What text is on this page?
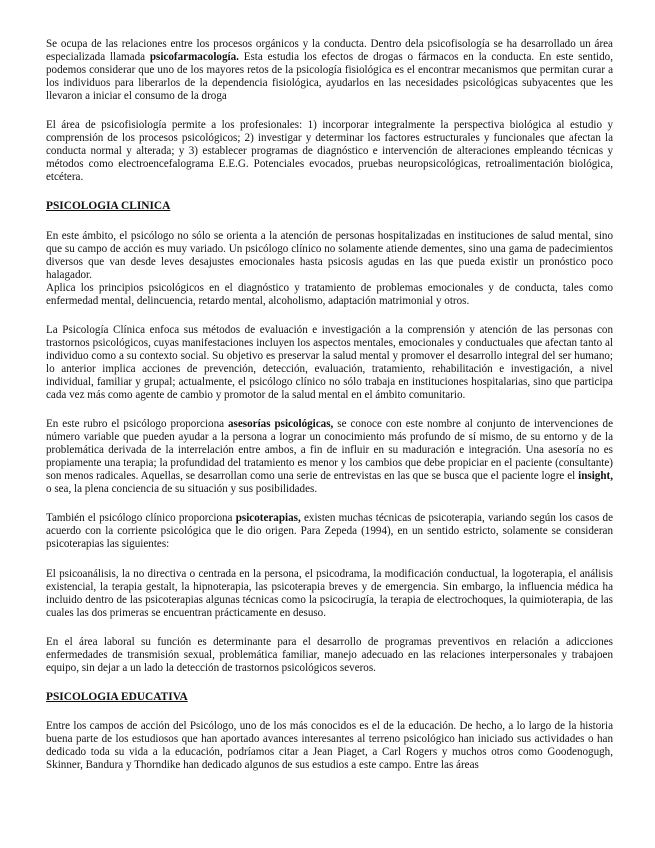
Se ocupa de las relaciones entre los procesos orgánicos y la conducta. Dentro dela psicofisología se ha desarrollado un área especializada llamada psicofarmacología. Esta estudia los efectos de drogas o fármacos en la conducta. En este sentido, podemos considerar que uno de los mayores retos de la psicología fisiológica es el encontrar mecanismos que permitan curar a los individuos para liberarlos de la dependencia fisiológica, ayudarlos en las necesidades psicológicas subyacentes que les llevaron a iniciar el consumo de la droga

El área de psicofisiología permite a los profesionales: 1) incorporar integralmente la perspectiva biológica al estudio y comprensión de los procesos psicológicos; 2) investigar y determinar los factores estructurales y funcionales que afectan la conducta normal y alterada; y 3) establecer programas de diagnóstico e intervención de alteraciones empleando técnicas y métodos como electroencefalograma E.E.G. Potenciales evocados, pruebas neuropsicológicas, retroalimentación biológica, etcétera.

PSICOLOGIA CLINICA

En este ámbito, el psicólogo no sólo se orienta a la atención de personas hospitalizadas en instituciones de salud mental, sino que su campo de acción es muy variado. Un psicólogo clínico no solamente atiende dementes, sino una gama de padecimientos diversos que van desde leves desajustes emocionales hasta psicosis agudas en las que pueda existir un pronóstico poco halagador.

Aplica los principios psicológicos en el diagnóstico y tratamiento de problemas emocionales y de conducta, tales como enfermedad mental, delincuencia, retardo mental, alcoholismo, adaptación matrimonial y otros.

La Psicología Clínica enfoca sus métodos de evaluación e investigación a la comprensión y atención de las personas con trastornos psicológicos, cuyas manifestaciones incluyen los aspectos mentales, emocionales y conductuales que afectan tanto al individuo como a su contexto social. Su objetivo es preservar la salud mental y promover el desarrollo integral del ser humano; lo anterior implica acciones de prevención, detección, evaluación, tratamiento, rehabilitación e investigación, a nivel individual, familiar y grupal; actualmente, el psicólogo clínico no sólo trabaja en instituciones hospitalarias, sino que participa cada vez más como agente de cambio y promotor de la salud mental en el ámbito comunitario.

En este rubro el psicólogo proporciona asesorías psicológicas, se conoce con este nombre al conjunto de intervenciones de número variable que pueden ayudar a la persona a lograr un conocimiento más profundo de sí mismo, de su entorno y de la problemática derivada de la interrelación entre ambos, a fin de influir en su maduración e integración. Una asesoría no es propiamente una terapia; la profundidad del tratamiento es menor y los cambios que debe propiciar en el paciente (consultante) son menos radicales. Aquellas, se desarrollan como una serie de entrevistas en las que se busca que el paciente logre el insight, o sea, la plena conciencia de su situación y sus posibilidades.

También el psicólogo clínico proporciona psicoterapias, existen muchas técnicas de psicoterapia, variando según los casos de acuerdo con la corriente psicológica que le dio origen. Para Zepeda (1994), en un sentido estricto, solamente se consideran psicoterapias las siguientes:

El psicoanálisis, la no directiva o centrada en la persona, el psicodrama, la modificación conductual, la logoterapia, el análisis existencial, la terapia gestalt, la hipnoterapia, las psicoterapia breves y de emergencia. Sin embargo, la influencia médica ha incluido dentro de las psicoterapias algunas técnicas como la psicocirugía, la terapia de electrochoques, la quimioterapia, de las cuales las dos primeras se encuentran prácticamente en desuso.

En el área laboral su función es determinante para el desarrollo de programas preventivos en relación a adicciones enfermedades de transmisión sexual, problemática familiar, manejo adecuado en las relaciones interpersonales y trabajoen equipo, sin dejar a un lado la detección de trastornos psicológicos severos.

PSICOLOGIA EDUCATIVA

Entre los campos de acción del Psicólogo, uno de los más conocidos es el de la educación. De hecho, a lo largo de la historia buena parte de los estudiosos que han aportado avances interesantes al terreno psicológico han iniciado sus actividades o han dedicado toda su vida a la educación, podríamos citar a Jean Piaget, a Carl Rogers y muchos otros como Goodenogugh, Skinner, Bandura y Thorndike han dedicado algunos de sus estudios a este campo. Entre las áreas
